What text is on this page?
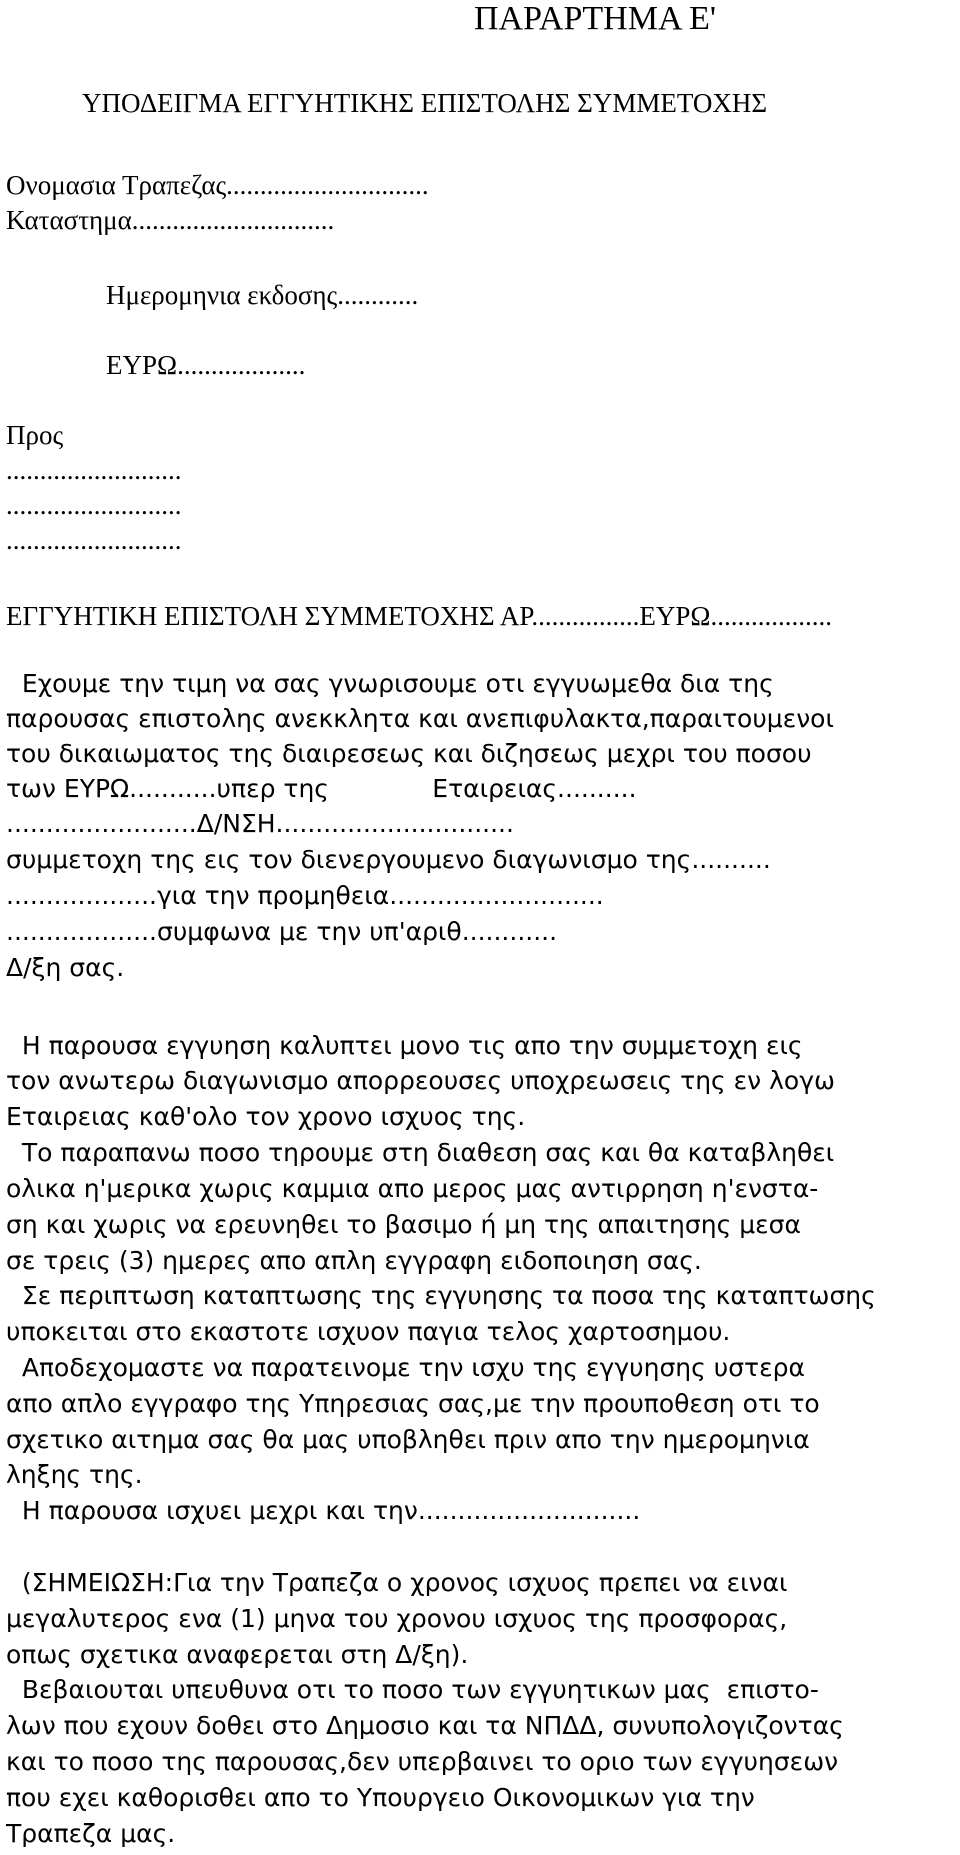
ΠΑΡΑΡΤΗΜΑ Ε'
ΥΠΟΔΕΙΓΜΑ ΕΓΓΥΗΤΙΚΗΣ ΕΠΙΣΤΟΛΗΣ ΣΥΜΜΕΤΟΧΗΣ
Ονομασια Τραπεζας..............................
Καταστημα..............................
Ημερομηνια εκδοσης............
ΕΥΡΩ...................
Προς
..........................
..........................
..........................
ΕΓΓΥΗΤΙΚΗ ΕΠΙΣΤΟΛΗ ΣΥΜΜΕΤΟΧΗΣ ΑΡ................ΕΥΡΩ..................
Εχουμε την τιμη να σας γνωρισουμε οτι εγγυωμεθα δια της
παρουσας επιστολης ανεκκλητα και ανεπιφυλακτα,παραιτουμενοι
του δικαιωματος της διαιρεσεως και διζησεως μεχρι του ποσου
των ΕΥΡΩ...........υπερ της             Εταιρειας..........
........................Δ/ΝΣΗ..............................
συμμετοχη της εις τον διενεργουμενο διαγωνισμο της..........
...................για την προμηθεια...........................
...................συμφωνα με την υπ'αριθ............
Δ/ξη σας.
Η παρουσα εγγυηση καλυπτει μονο τις απο την συμμετοχη εις
τον ανωτερω διαγωνισμο απορρεουσες υποχρεωσεις της εν λογω
Εταιρειας καθ'ολο τον χρονο ισχυος της.
Το παραπανω ποσο τηρουμε στη διαθεση σας και θα καταβληθει
ολικα η'μερικα χωρις καμμια απο μερος μας αντιρρηση η'ενστα-
ση και χωρις να ερευνηθει το βασιμο ή μη της απαιτησης μεσα
σε τρεις (3) ημερες απο απλη εγγραφη ειδοποιηση σας.
Σε περιπτωση καταπτωσης της εγγυησης τα ποσα της καταπτωσης
υποκειται στο εκαστοτε ισχυον παγια τελος χαρτοσημου.
Αποδεχομαστε να παρατεινομε την ισχυ της εγγυησης υστερα
απο απλο εγγραφο της Υπηρεσιας σας,με την προυποθεση οτι το
σχετικο αιτημα σας θα μας υποβληθει πριν απο την ημερομηνια
ληξης της.
Η παρουσα ισχυει μεχρι και την............................
(ΣΗΜΕΙΩΣΗ:Για την Τραπεζα ο χρονος ισχυος πρεπει να ειναι
μεγαλυτερος ενα (1) μηνα του χρονου ισχυος της προσφορας,
οπως σχετικα αναφερεται στη Δ/ξη).
Βεβαιουται υπευθυνα οτι το ποσο των εγγυητικων μας  επιστο-
λων που εχουν δοθει στο Δημοσιο και τα ΝΠΔΔ, συνυπολογιζοντας
και το ποσο της παρουσας,δεν υπερβαινει το οριο των εγγυησεων
που εχει καθορισθει απο το Υπουργειο Οικονομικων για την
Τραπεζα μας.
